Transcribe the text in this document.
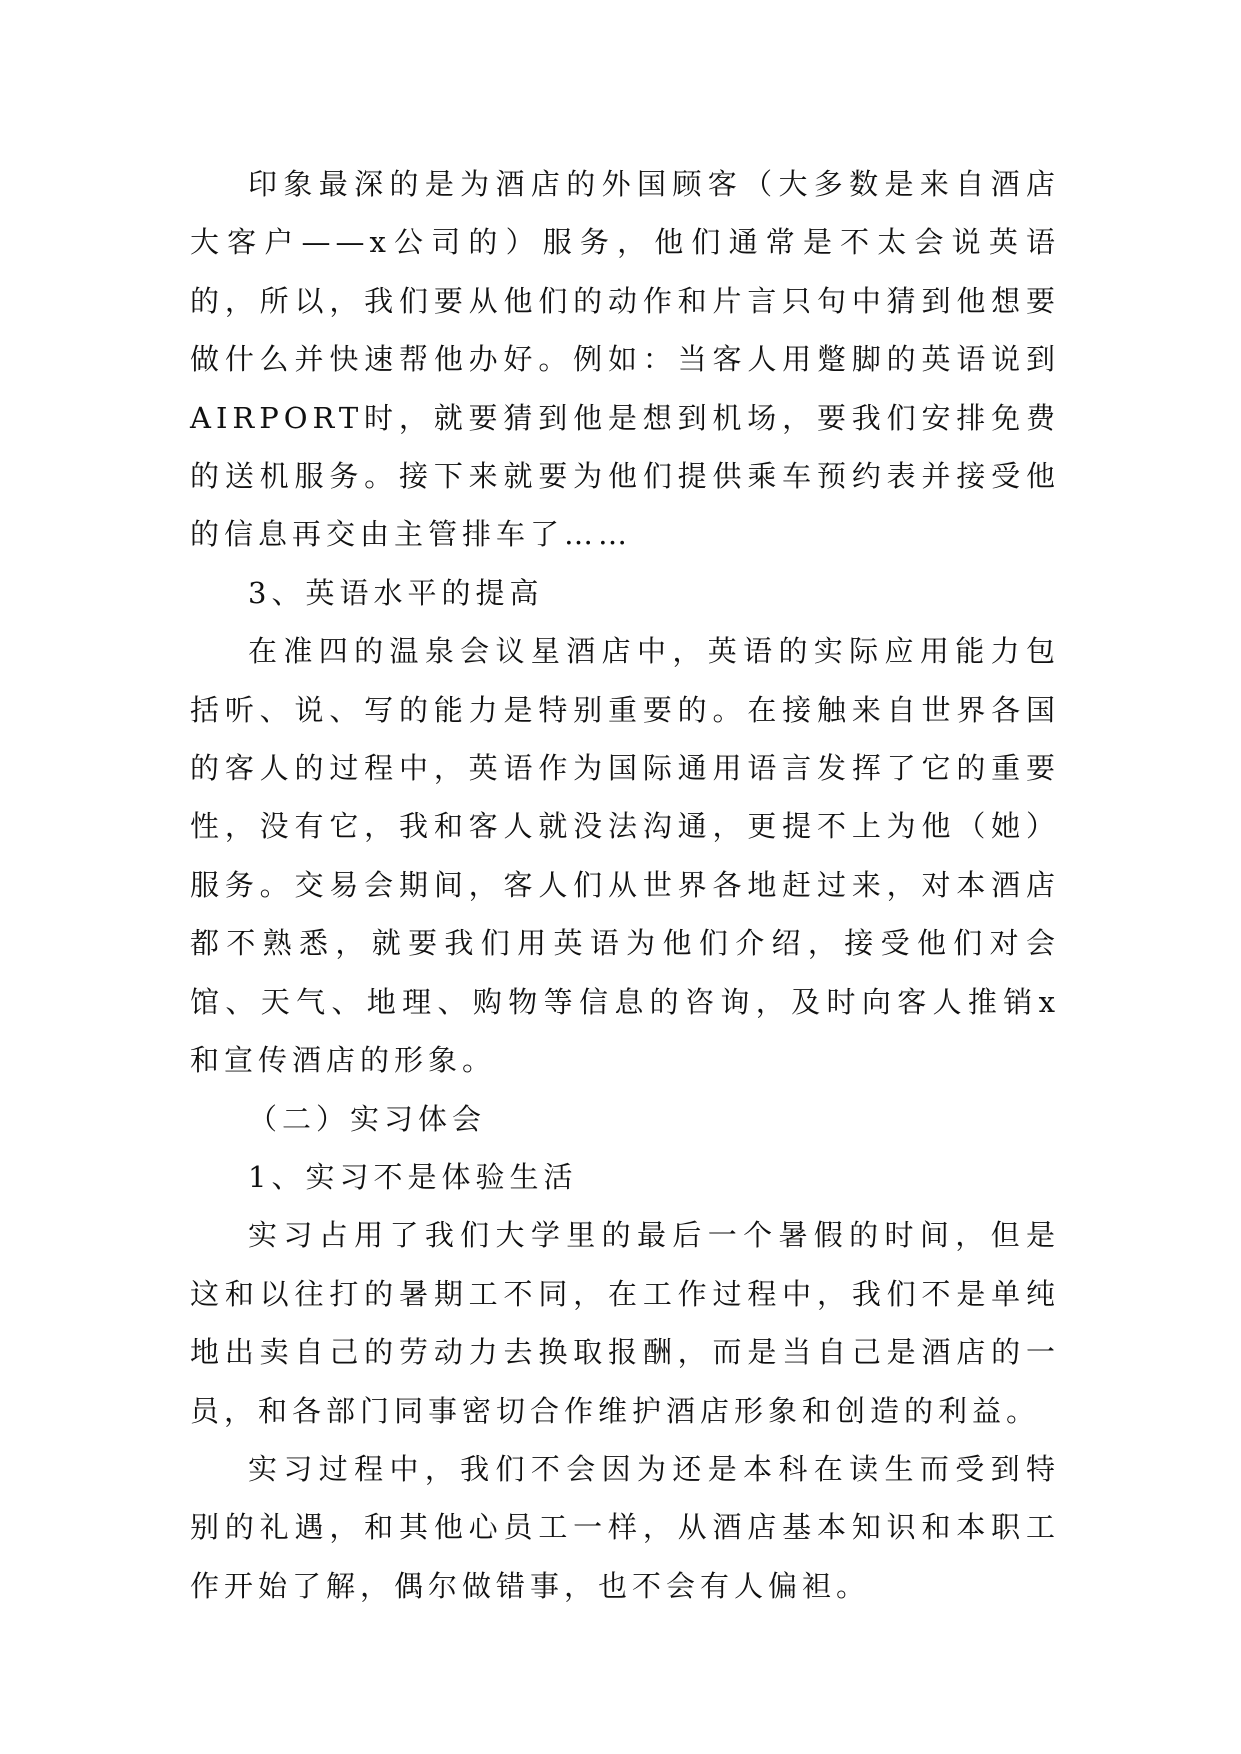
印象最深的是为酒店的外国顾客（大多数是来自酒店大客户——x公司的）服务，他们通常是不太会说英语的，所以，我们要从他们的动作和片言只句中猜到他想要做什么并快速帮他办好。例如：当客人用蹩脚的英语说到AIRPORT时，就要猜到他是想到机场，要我们安排免费的送机服务。接下来就要为他们提供乘车预约表并接受他的信息再交由主管排车了……

3、英语水平的提高

在准四的温泉会议星酒店中，英语的实际应用能力包括听、说、写的能力是特别重要的。在接触来自世界各国的客人的过程中，英语作为国际通用语言发挥了它的重要性，没有它，我和客人就没法沟通，更提不上为他（她）服务。交易会期间，客人们从世界各地赶过来，对本酒店都不熟悉，就要我们用英语为他们介绍，接受他们对会馆、天气、地理、购物等信息的咨询，及时向客人推销x和宣传酒店的形象。

（二）实习体会

1、实习不是体验生活

实习占用了我们大学里的最后一个暑假的时间，但是这和以往打的暑期工不同，在工作过程中，我们不是单纯地出卖自己的劳动力去换取报酬，而是当自己是酒店的一员，和各部门同事密切合作维护酒店形象和创造的利益。

实习过程中，我们不会因为还是本科在读生而受到特别的礼遇，和其他心员工一样，从酒店基本知识和本职工作开始了解，偶尔做错事，也不会有人偏袒。
